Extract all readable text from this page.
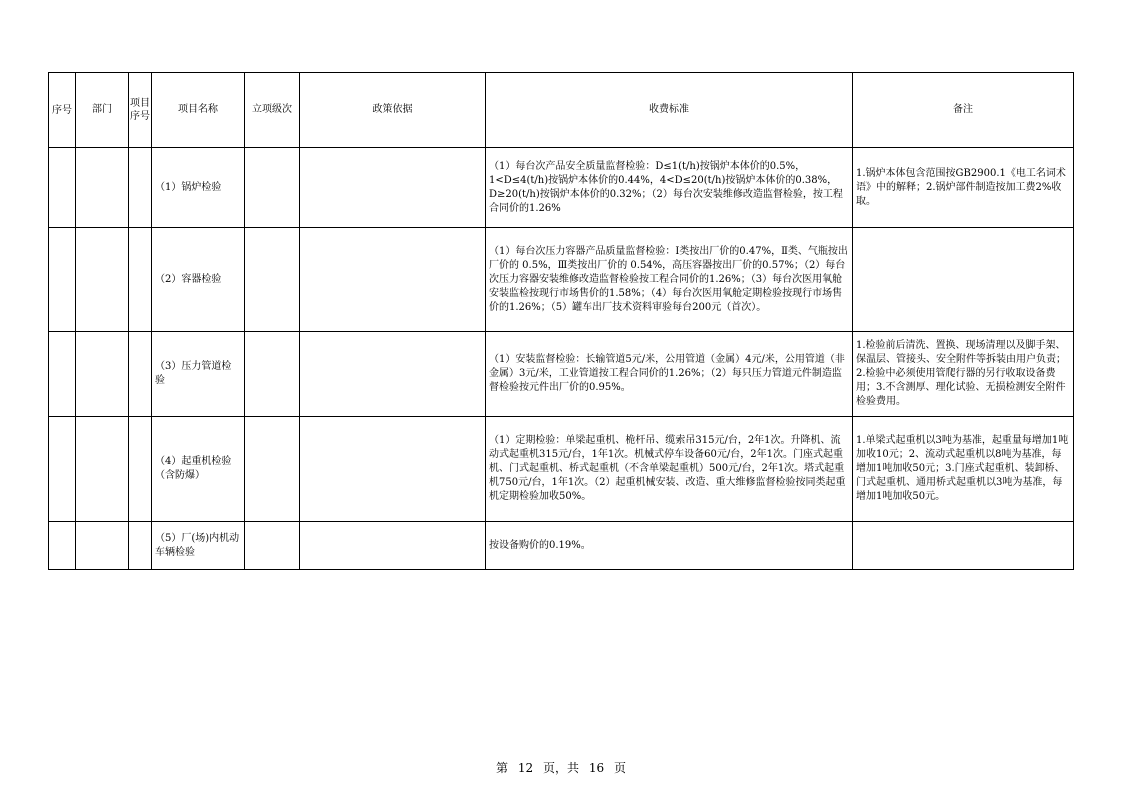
序号	部门	项目序号	项目名称	立项级次	政策依据	收费标准	备注
			（1）锅炉检验			（1）每台次产品安全质量监督检验：D≤1(t/h)按锅炉本体价的0.5%，1<D≤4(t/h)按锅炉本体价的0.44%，4<D≤20(t/h)按锅炉本体价的0.38%，D≥20(t/h)按锅炉本体价的0.32%；（2）每台次安装维修改造监督检验，按工程合同价的1.26%	1.锅炉本体包含范围按GB2900.1《电工名词术语》中的解释；2.锅炉部件制造按加工费2%收取。
			（2）容器检验			（1）每台次压力容器产品质量监督检验：I类按出厂价的0.47%，Ⅱ类、气瓶按出厂价的 0.5%，Ⅲ类按出厂价的 0.54%，高压容器按出厂价的0.57%；（2）每台次压力容器安装维修改造监督检验按工程合同价的1.26%；（3）每台次医用氧舱安装监检按现行市场售价的1.58%；（4）每台次医用氧舱定期检验按现行市场售价的1.26%；（5）罐车出厂技术资料审验每台200元（首次）。	
			（3）压力管道检验			（1）安装监督检验：长输管道5元/米，公用管道（金属）4元/米，公用管道（非金属）3元/米，工业管道按工程合同价的1.26%；（2）每只压力管道元件制造监督检验按元件出厂价的0.95%。	1.检验前后清洗、置换、现场清理以及脚手架、保温层、管接头、安全附件等拆装由用户负责；2.检验中必须使用管爬行器的另行收取设备费用；3.不含测厚、理化试验、无损检测安全附件检验费用。
			（4）起重机检验（含防爆）			（1）定期检验：单梁起重机、桅杆吊、缆索吊315元/台，2年1次。升降机、流动式起重机315元/台，1年1次。机械式停车设备60元/台，2年1次。门座式起重机、门式起重机、桥式起重机（不含单梁起重机）500元/台，2年1次。塔式起重机750元/台，1年1次。（2）起重机械安装、改造、重大维修监督检验按同类起重机定期检验加收50%。	1.单梁式起重机以3吨为基准，起重量每增加1吨加收10元；2、流动式起重机以8吨为基准，每增加1吨加收50元；3.门座式起重机、装卸桥、门式起重机、通用桥式起重机以3吨为基准，每增加1吨加收50元。
			（5）厂(场)内机动车辆检验			按设备购价的0.19%。	
第 12 页，共 16 页
